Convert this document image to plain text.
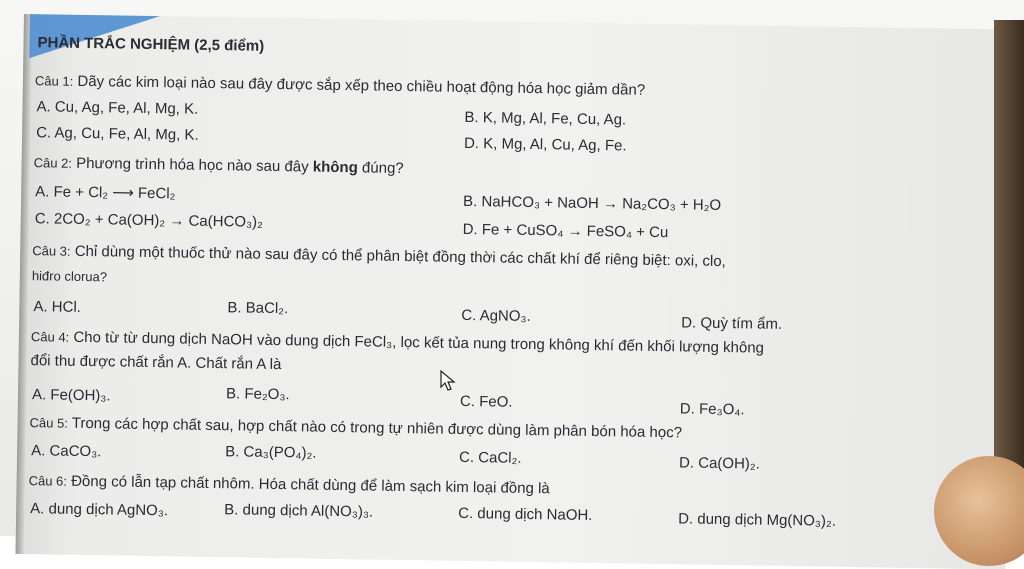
PHẦN TRẮC NGHIỆM (2,5 điểm)
Câu 1: Dãy các kim loại nào sau đây được sắp xếp theo chiều hoạt động hóa học giảm dần?
A. Cu, Ag, Fe, Al, Mg, K.
B. K, Mg, Al, Fe, Cu, Ag.
C. Ag, Cu, Fe, Al, Mg, K.
D. K, Mg, Al, Cu, Ag, Fe.
Câu 2: Phương trình hóa học nào sau đây không đúng?
A. Fe + Cl₂ ⟶ FeCl₂
B. NaHCO₃ + NaOH → Na₂CO₃ + H₂O
C. 2CO₂ + Ca(OH)₂ → Ca(HCO₃)₂
D. Fe + CuSO₄ → FeSO₄ + Cu
Câu 3: Chỉ dùng một thuốc thử nào sau đây có thể phân biệt đồng thời các chất khí để riêng biệt: oxi, clo,
hiđro clorua?
A. HCl.	B. BaCl₂.	C. AgNO₃.	D. Quỳ tím ẩm.
Câu 4: Cho từ từ dung dịch NaOH vào dung dịch FeCl₃, lọc kết tủa nung trong không khí đến khối lượng không
đổi thu được chất rắn A. Chất rắn A là
A. Fe(OH)₃.	B. Fe₂O₃.	C. FeO.	D. Fe₃O₄.
Câu 5: Trong các hợp chất sau, hợp chất nào có trong tự nhiên được dùng làm phân bón hóa học?
A. CaCO₃.	B. Ca₃(PO₄)₂.	C. CaCl₂.	D. Ca(OH)₂.
Câu 6: Đồng có lẫn tạp chất nhôm. Hóa chất dùng để làm sạch kim loại đồng là
A. dung dịch AgNO₃.	B. dung dịch Al(NO₃)₃.	C. dung dịch NaOH.	D. dung dịch Mg(NO₃)₂.
